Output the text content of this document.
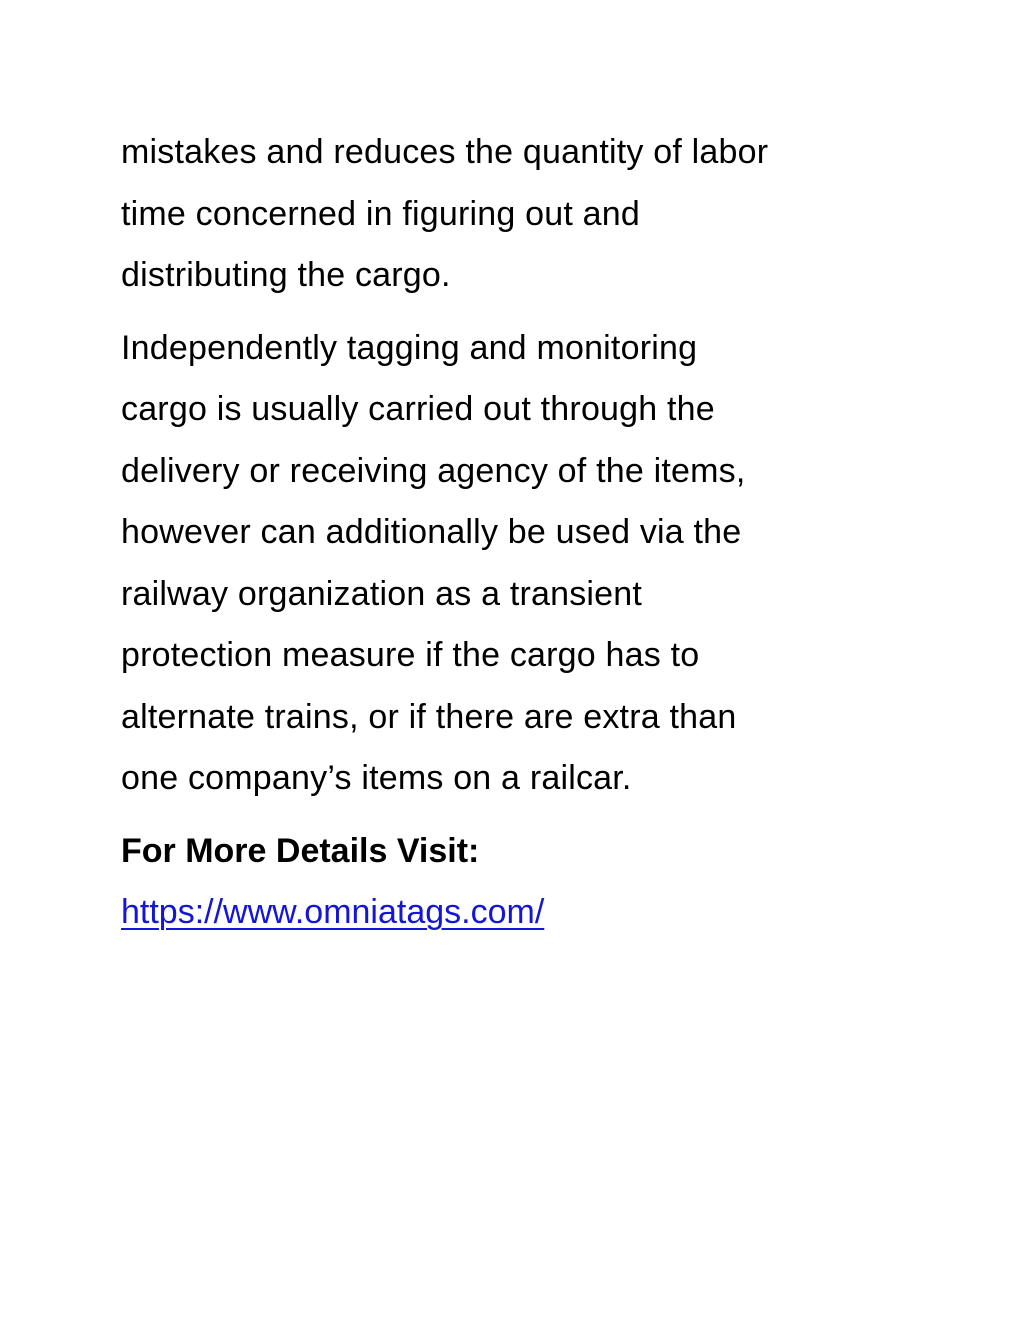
mistakes and reduces the quantity of labor
time concerned in figuring out and
distributing the cargo.

Independently tagging and monitoring
cargo is usually carried out through the
delivery or receiving agency of the items,
however can additionally be used via the
railway organization as a transient
protection measure if the cargo has to
alternate trains, or if there are extra than
one company’s items on a railcar.

For More Details Visit:

https://www.omniatags.com/
